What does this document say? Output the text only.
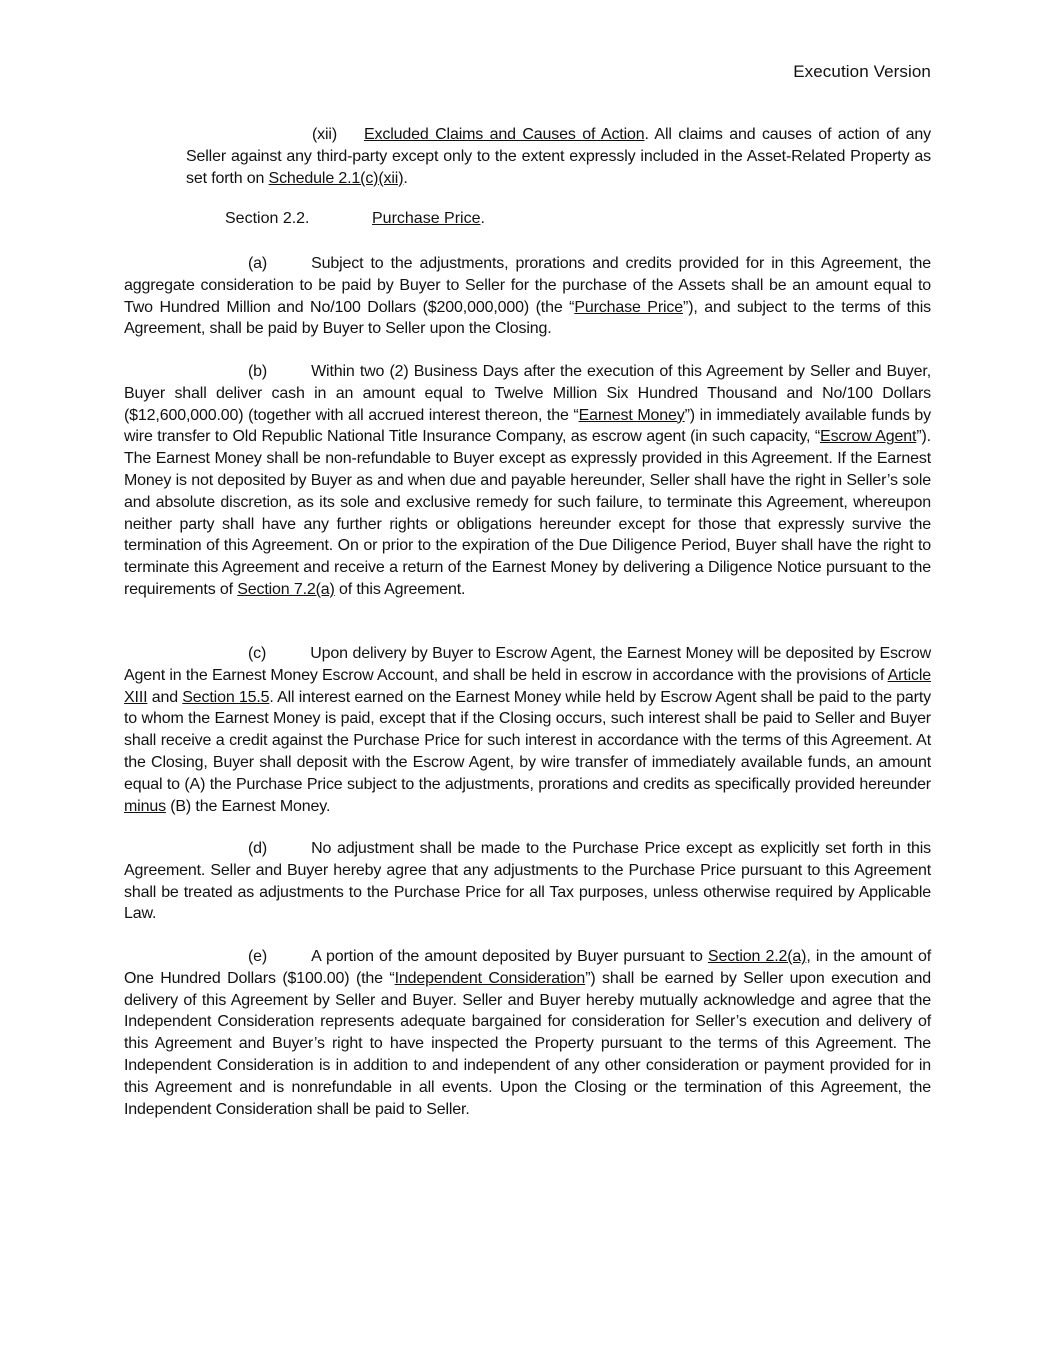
Execution Version

(xii) Excluded Claims and Causes of Action. All claims and causes of action of any Seller against any third-party except only to the extent expressly included in the Asset-Related Property as set forth on Schedule 2.1(c)(xii).

Section 2.2.	Purchase Price.

(a)	Subject to the adjustments, prorations and credits provided for in this Agreement, the aggregate consideration to be paid by Buyer to Seller for the purchase of the Assets shall be an amount equal to Two Hundred Million and No/100 Dollars ($200,000,000) (the “Purchase Price”), and subject to the terms of this Agreement, shall be paid by Buyer to Seller upon the Closing.

(b)	Within two (2) Business Days after the execution of this Agreement by Seller and Buyer, Buyer shall deliver cash in an amount equal to Twelve Million Six Hundred Thousand and No/100 Dollars ($12,600,000.00) (together with all accrued interest thereon, the “Earnest Money”) in immediately available funds by wire transfer to Old Republic National Title Insurance Company, as escrow agent (in such capacity, “Escrow Agent”). The Earnest Money shall be non-refundable to Buyer except as expressly provided in this Agreement. If the Earnest Money is not deposited by Buyer as and when due and payable hereunder, Seller shall have the right in Seller’s sole and absolute discretion, as its sole and exclusive remedy for such failure, to terminate this Agreement, whereupon neither party shall have any further rights or obligations hereunder except for those that expressly survive the termination of this Agreement. On or prior to the expiration of the Due Diligence Period, Buyer shall have the right to terminate this Agreement and receive a return of the Earnest Money by delivering a Diligence Notice pursuant to the requirements of Section 7.2(a) of this Agreement.

(c)	Upon delivery by Buyer to Escrow Agent, the Earnest Money will be deposited by Escrow Agent in the Earnest Money Escrow Account, and shall be held in escrow in accordance with the provisions of Article XIII and Section 15.5. All interest earned on the Earnest Money while held by Escrow Agent shall be paid to the party to whom the Earnest Money is paid, except that if the Closing occurs, such interest shall be paid to Seller and Buyer shall receive a credit against the Purchase Price for such interest in accordance with the terms of this Agreement. At the Closing, Buyer shall deposit with the Escrow Agent, by wire transfer of immediately available funds, an amount equal to (A) the Purchase Price subject to the adjustments, prorations and credits as specifically provided hereunder minus (B) the Earnest Money.

(d)	No adjustment shall be made to the Purchase Price except as explicitly set forth in this Agreement. Seller and Buyer hereby agree that any adjustments to the Purchase Price pursuant to this Agreement shall be treated as adjustments to the Purchase Price for all Tax purposes, unless otherwise required by Applicable Law.

(e)	A portion of the amount deposited by Buyer pursuant to Section 2.2(a), in the amount of One Hundred Dollars ($100.00) (the “Independent Consideration”) shall be earned by Seller upon execution and delivery of this Agreement by Seller and Buyer. Seller and Buyer hereby mutually acknowledge and agree that the Independent Consideration represents adequate bargained for consideration for Seller’s execution and delivery of this Agreement and Buyer’s right to have inspected the Property pursuant to the terms of this Agreement. The Independent Consideration is in addition to and independent of any other consideration or payment provided for in this Agreement and is nonrefundable in all events. Upon the Closing or the termination of this Agreement, the Independent Consideration shall be paid to Seller.
